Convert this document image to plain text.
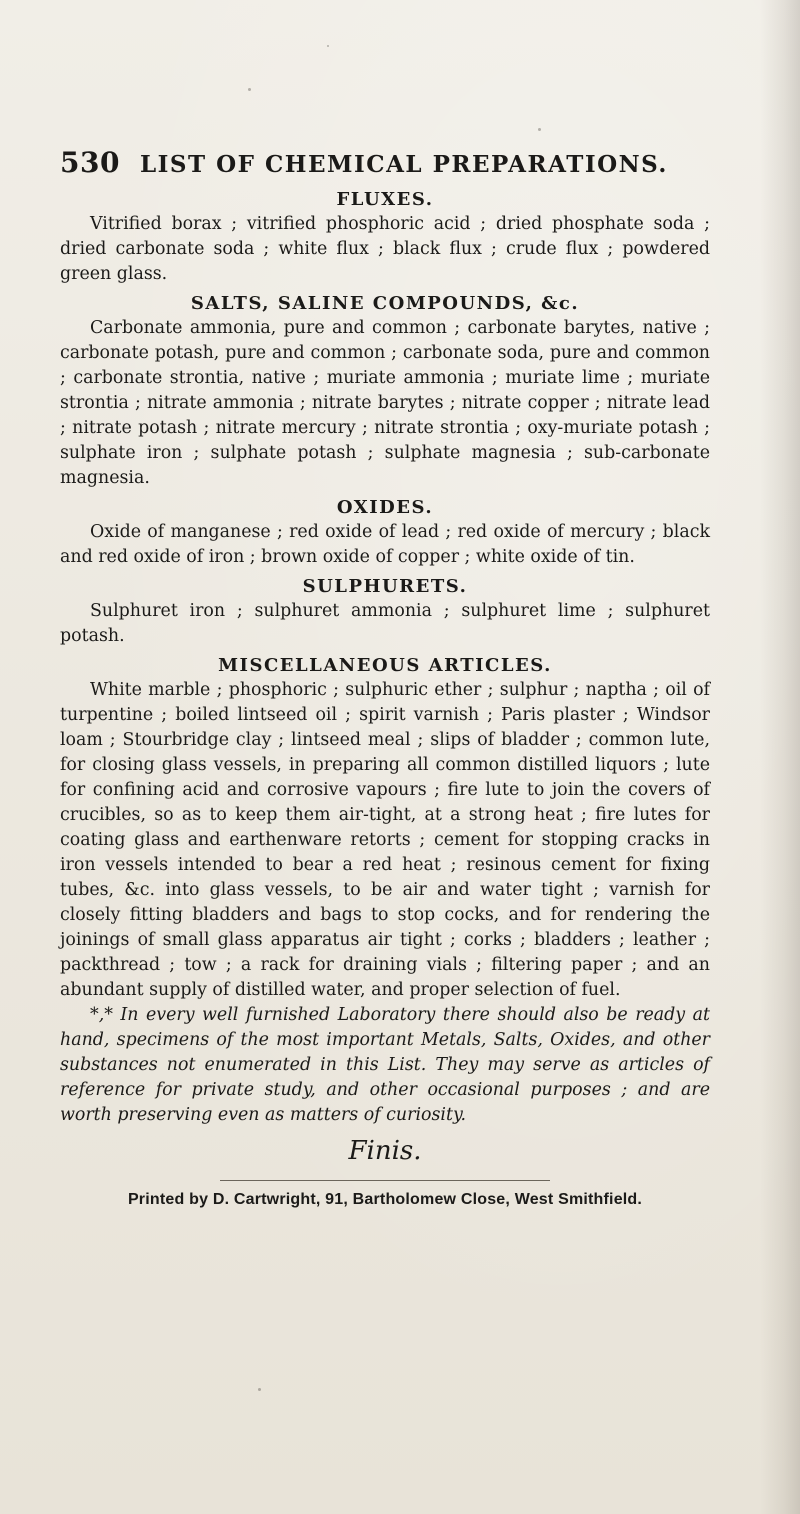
530 LIST OF CHEMICAL PREPARATIONS.
FLUXES.

Vitrified borax ; vitrified phosphoric acid ; dried phosphate soda ; dried carbonate soda ; white flux ; black flux ; crude flux ; powdered green glass.

SALTS, SALINE COMPOUNDS, &c.

Carbonate ammonia, pure and common ; carbonate barytes, native ; carbonate potash, pure and common ; carbonate soda, pure and common ; carbonate strontia, native ; muriate ammonia ; muriate lime ; muriate strontia ; nitrate ammonia ; nitrate barytes ; nitrate copper ; nitrate lead ; nitrate potash ; nitrate mercury ; nitrate strontia ; oxy-muriate potash ; sulphate iron ; sulphate potash ; sulphate magnesia ; sub-carbonate magnesia.

OXIDES.

Oxide of manganese ; red oxide of lead ; red oxide of mercury ; black and red oxide of iron ; brown oxide of copper ; white oxide of tin.

SULPHURETS.

Sulphuret iron ; sulphuret ammonia ; sulphuret lime ; sulphuret potash.

MISCELLANEOUS ARTICLES.

White marble ; phosphoric ; sulphuric ether ; sulphur ; naptha ; oil of turpentine ; boiled lintseed oil ; spirit varnish ; Paris plaster ; Windsor loam ; Stourbridge clay ; lintseed meal ; slips of bladder ; common lute, for closing glass vessels, in preparing all common distilled liquors ; lute for confining acid and corrosive vapours ; fire lute to join the covers of crucibles, so as to keep them air-tight, at a strong heat ; fire lutes for coating glass and earthenware retorts ; cement for stopping cracks in iron vessels intended to bear a red heat ; resinous cement for fixing tubes, &c. into glass vessels, to be air and water tight ; varnish for closely fitting bladders and bags to stop cocks, and for rendering the joinings of small glass apparatus air tight ; corks ; bladders ; leather ; packthread ; tow ; a rack for draining vials ; filtering paper ; and an abundant supply of distilled water, and proper selection of fuel.

*,* In every well furnished Laboratory there should also be ready at hand, specimens of the most important Metals, Salts, Oxides, and other substances not enumerated in this List. They may serve as articles of reference for private study, and other occasional purposes ; and are worth preserving even as matters of curiosity.

Finis.
Printed by D. Cartwright, 91, Bartholomew Close, West Smithfield.
